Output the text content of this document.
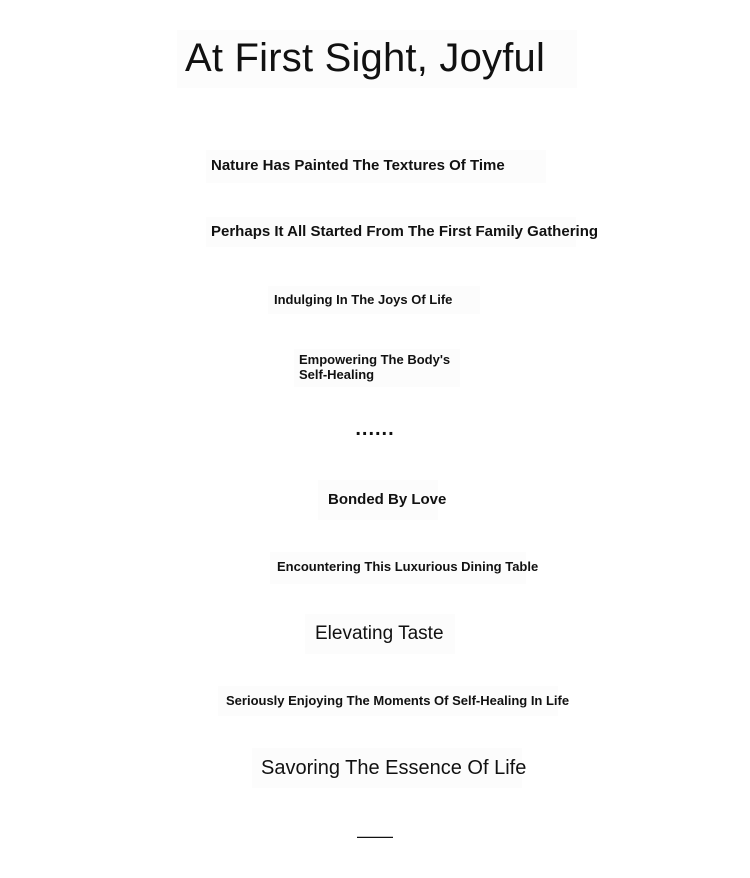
At First Sight, Joyful
Nature Has Painted The Textures Of Time
Perhaps It All Started From The First Family Gathering
Indulging In The Joys Of Life
Empowering The Body's Self-Healing
......
Bonded By Love
Encountering This Luxurious Dining Table
Elevating Taste
Seriously Enjoying The Moments Of Self-Healing In Life
Savoring The Essence Of Life
——
